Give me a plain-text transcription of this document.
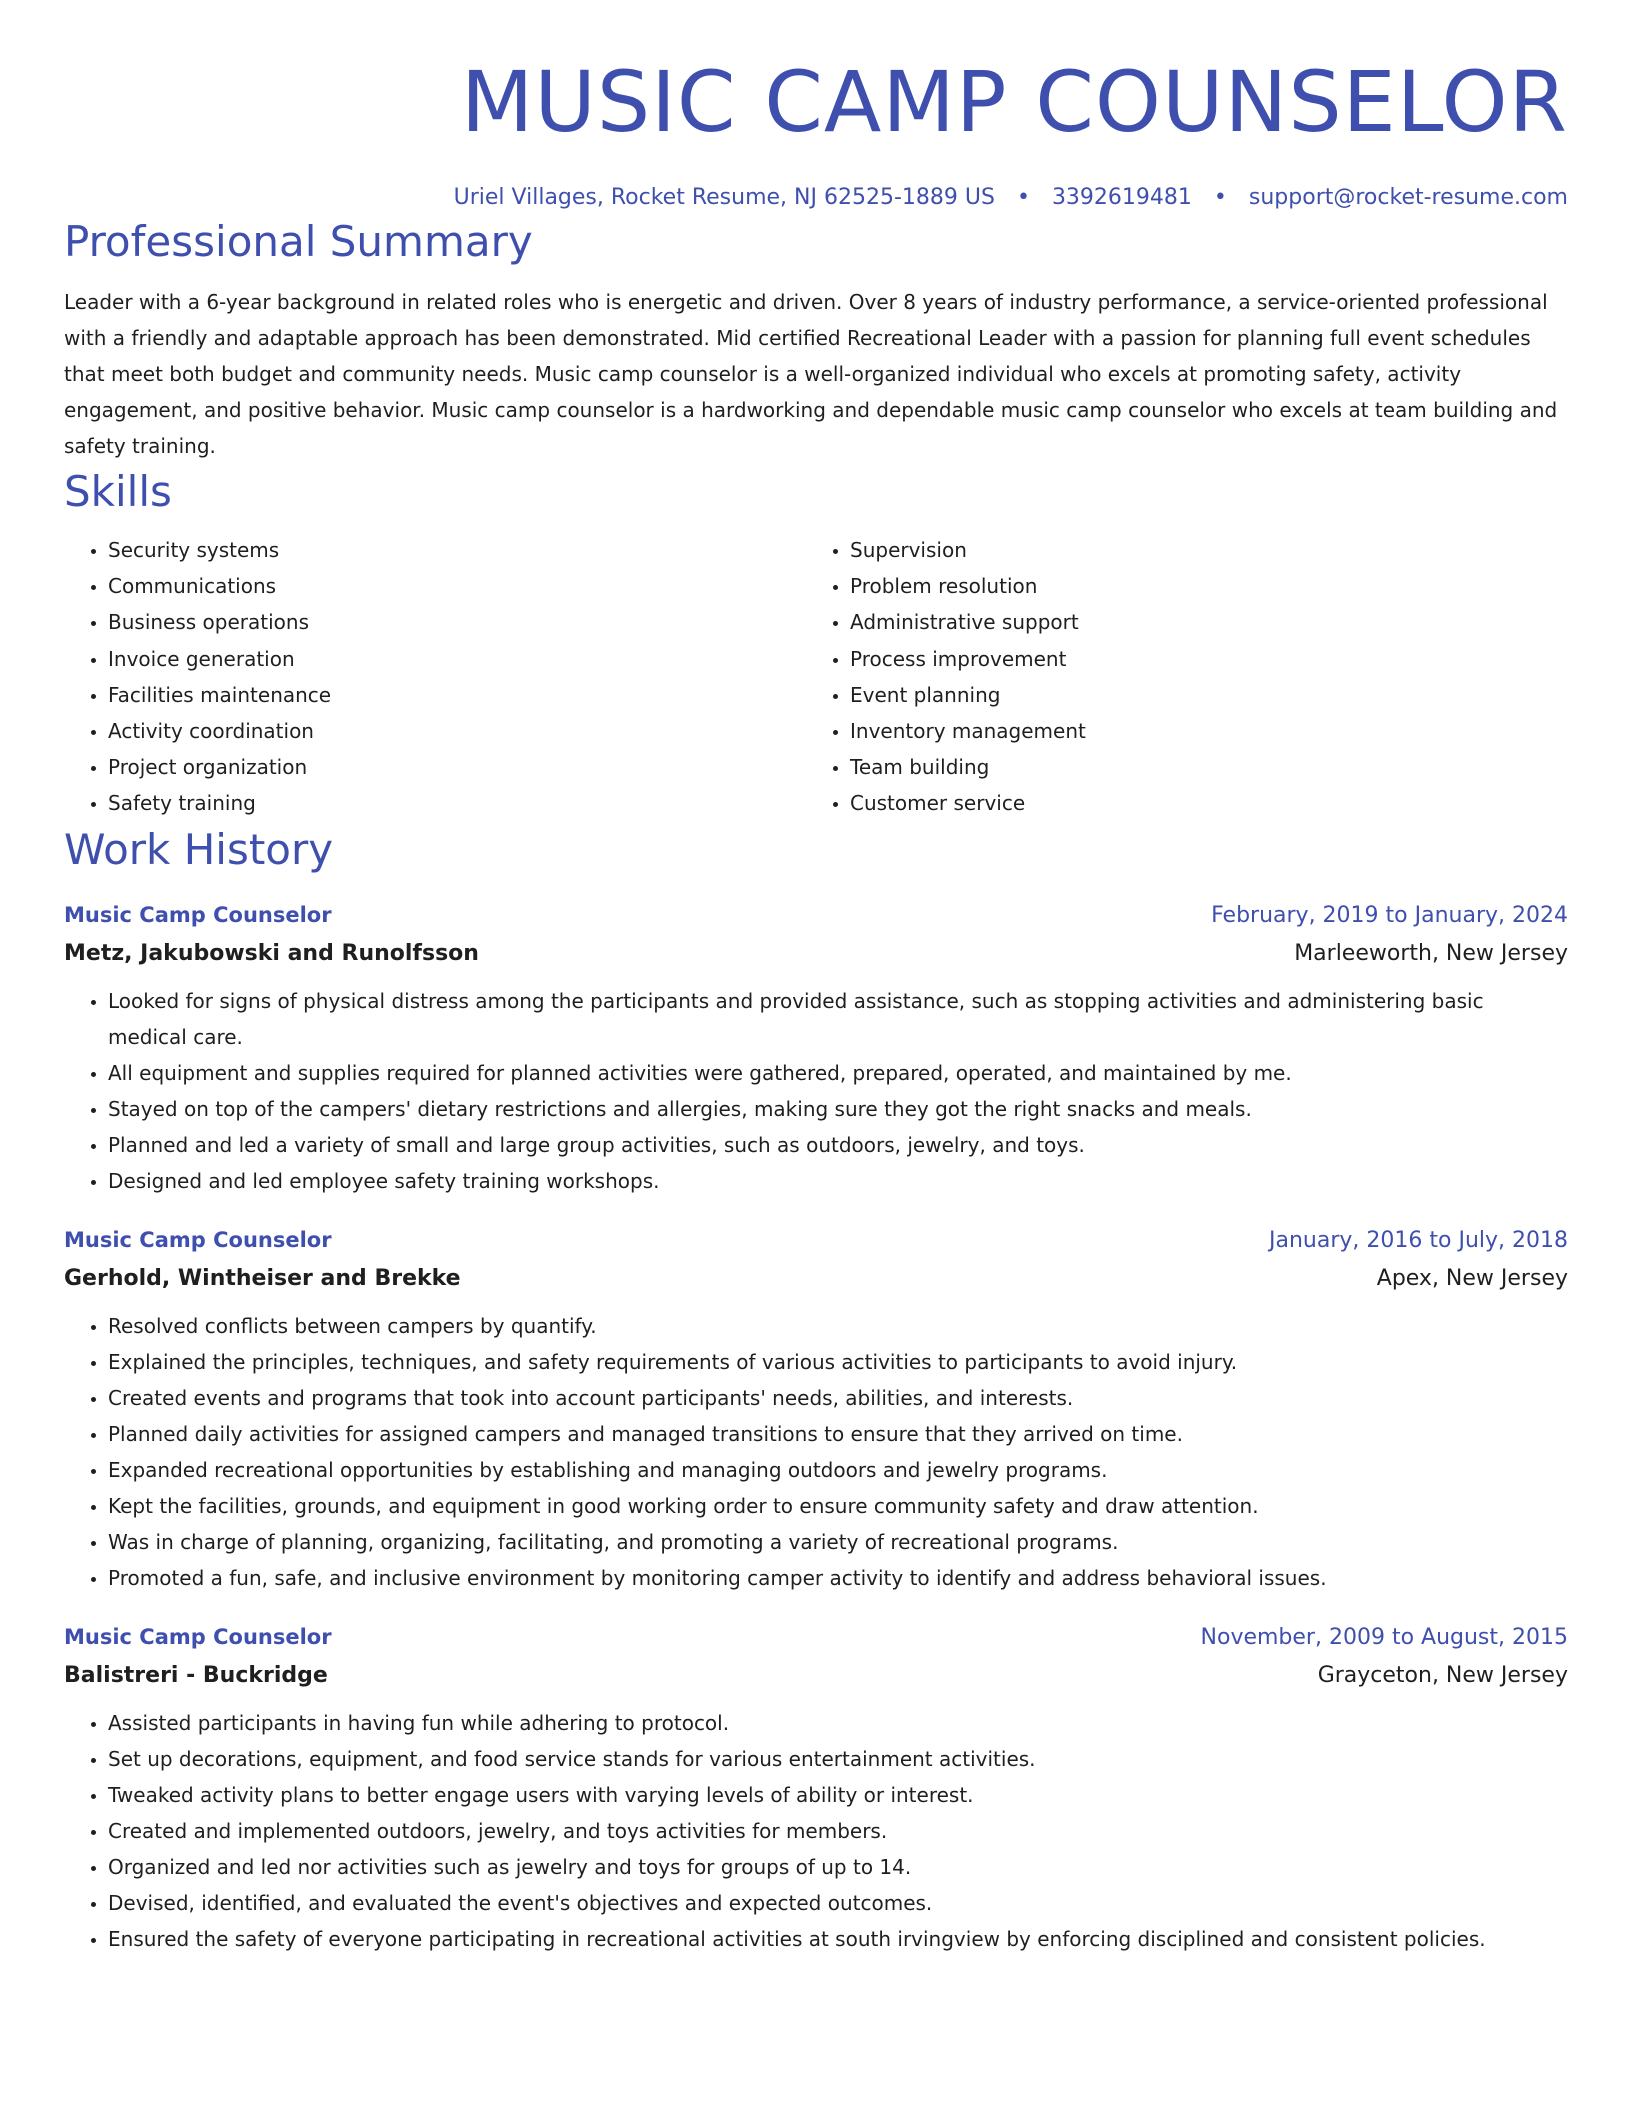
MUSIC CAMP COUNSELOR
Uriel Villages, Rocket Resume, NJ 62525-1889 US • 3392619481 • support@rocket-resume.com
Professional Summary
Leader with a 6-year background in related roles who is energetic and driven. Over 8 years of industry performance, a service-oriented professional with a friendly and adaptable approach has been demonstrated. Mid certified Recreational Leader with a passion for planning full event schedules that meet both budget and community needs. Music camp counselor is a well-organized individual who excels at promoting safety, activity engagement, and positive behavior. Music camp counselor is a hardworking and dependable music camp counselor who excels at team building and safety training.
Skills
• Security systems
• Communications
• Business operations
• Invoice generation
• Facilities maintenance
• Activity coordination
• Project organization
• Safety training
• Supervision
• Problem resolution
• Administrative support
• Process improvement
• Event planning
• Inventory management
• Team building
• Customer service
Work History
Music Camp Counselor	February, 2019 to January, 2024
Metz, Jakubowski and Runolfsson	Marleeworth, New Jersey
• Looked for signs of physical distress among the participants and provided assistance, such as stopping activities and administering basic medical care.
• All equipment and supplies required for planned activities were gathered, prepared, operated, and maintained by me.
• Stayed on top of the campers' dietary restrictions and allergies, making sure they got the right snacks and meals.
• Planned and led a variety of small and large group activities, such as outdoors, jewelry, and toys.
• Designed and led employee safety training workshops.
Music Camp Counselor	January, 2016 to July, 2018
Gerhold, Wintheiser and Brekke	Apex, New Jersey
• Resolved conflicts between campers by quantify.
• Explained the principles, techniques, and safety requirements of various activities to participants to avoid injury.
• Created events and programs that took into account participants' needs, abilities, and interests.
• Planned daily activities for assigned campers and managed transitions to ensure that they arrived on time.
• Expanded recreational opportunities by establishing and managing outdoors and jewelry programs.
• Kept the facilities, grounds, and equipment in good working order to ensure community safety and draw attention.
• Was in charge of planning, organizing, facilitating, and promoting a variety of recreational programs.
• Promoted a fun, safe, and inclusive environment by monitoring camper activity to identify and address behavioral issues.
Music Camp Counselor	November, 2009 to August, 2015
Balistreri - Buckridge	Grayceton, New Jersey
• Assisted participants in having fun while adhering to protocol.
• Set up decorations, equipment, and food service stands for various entertainment activities.
• Tweaked activity plans to better engage users with varying levels of ability or interest.
• Created and implemented outdoors, jewelry, and toys activities for members.
• Organized and led nor activities such as jewelry and toys for groups of up to 14.
• Devised, identified, and evaluated the event's objectives and expected outcomes.
• Ensured the safety of everyone participating in recreational activities at south irvingview by enforcing disciplined and consistent policies.
